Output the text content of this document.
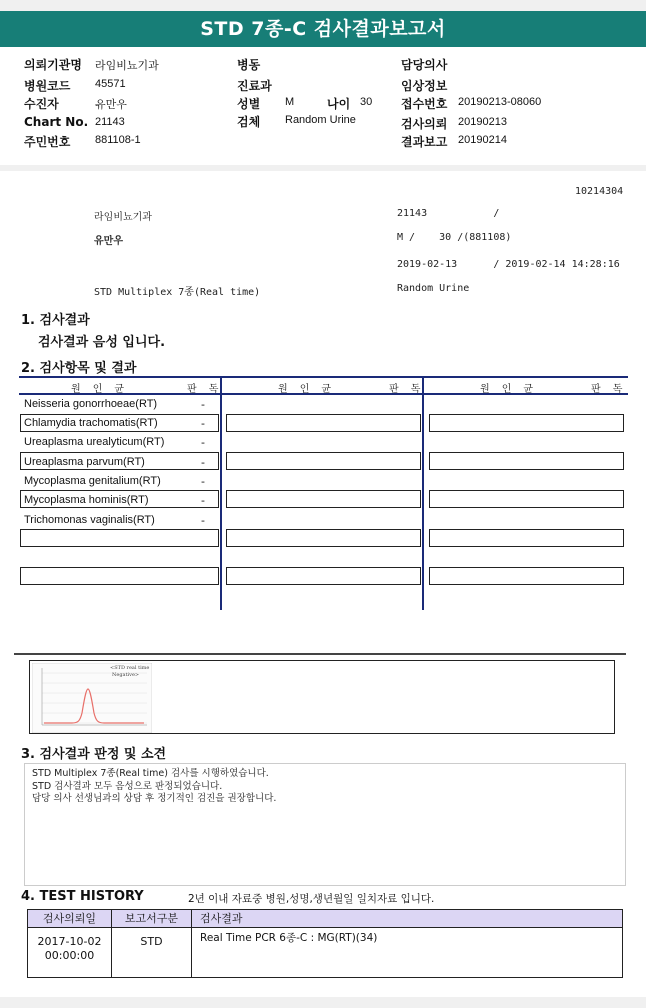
STD 7종-C 검사결과보고서
의뢰기관명 라임비뇨기과
병원코드 45571
수진자	유만우
Chart No. 21143
주민번호 881108-1
병동
진료과
성별 M	나이 30
검체 Random Urine
담당의사
임상정보
접수번호 20190213-08060
검사의뢰 20190213
결과보고 20190214
10214304
라임비뇨기과	21143           /
유만우	M /    30 /(881108)
2019-02-13      / 2019-02-14 14:28:16
STD Multiplex 7종(Real time)	Random Urine
1. 검사결과
검사결과 음성 입니다.
2. 검사항목 및 결과
원  인  균	판  독	원  인  균	판  독	원  인  균	판  독
Neisseria gonorrhoeae(RT)	-
Chlamydia trachomatis(RT)	-
Ureaplasma urealyticum(RT)	-
Ureaplasma parvum(RT)	-
Mycoplasma genitalium(RT)	-
Mycoplasma hominis(RT)	-
Trichomonas vaginalis(RT)	-
<STD real time
Negative>
3. 검사결과 판정 및 소견
STD Multiplex 7종(Real time) 검사를 시행하였습니다.
STD 검사결과 모두 음성으로 판정되었습니다.
담당 의사 선생님과의 상담 후 정기적인 검진을 권장합니다.
4. TEST HISTORY	2년 이내 자료중 병원,성명,생년월일 일치자료 입니다.
검사의뢰일	보고서구분	검사결과
2017-10-02
00:00:00
STD	Real Time PCR 6종-C : MG(RT)(34)
